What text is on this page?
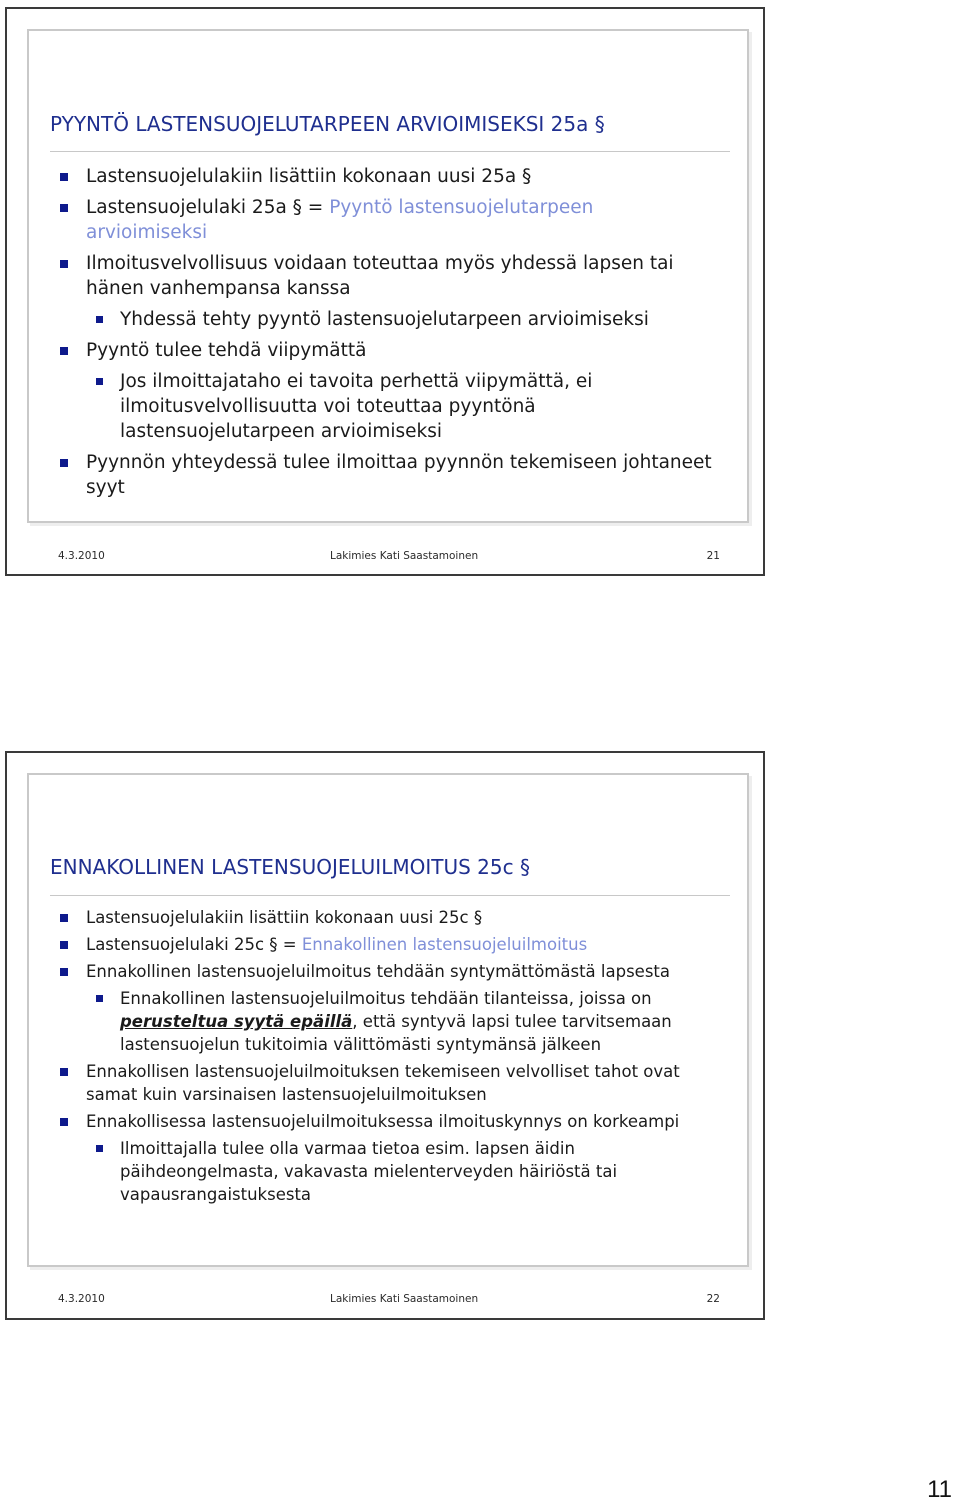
PYYNTÖ LASTENSUOJELUTARPEEN ARVIOIMISEKSI 25a §
Lastensuojelulakiin lisättiin kokonaan uusi 25a §
Lastensuojelulaki 25a § = Pyyntö lastensuojelutarpeen arvioimiseksi
Ilmoitusvelvollisuus voidaan toteuttaa myös yhdessä lapsen tai hänen vanhempansa kanssa
Yhdessä tehty pyyntö lastensuojelutarpeen arvioimiseksi
Pyyntö tulee tehdä viipymättä
Jos ilmoittajataho ei tavoita perhettä viipymättä, ei ilmoitusvelvollisuutta voi toteuttaa pyyntönä lastensuojelutarpeen arvioimiseksi
Pyynnön yhteydessä tulee ilmoittaa pyynnön tekemiseen johtaneet syyt
4.3.2010	Lakimies Kati Saastamoinen	21
ENNAKOLLINEN LASTENSUOJELUILMOITUS 25c §
Lastensuojelulakiin lisättiin kokonaan uusi 25c §
Lastensuojelulaki 25c § = Ennakollinen lastensuojeluilmoitus
Ennakollinen lastensuojeluilmoitus tehdään syntymättömästä lapsesta
Ennakollinen lastensuojeluilmoitus tehdään tilanteissa, joissa on perusteltua syytä epäillä, että syntyvä lapsi tulee tarvitsemaan lastensuojelun tukitoimia välittömästi syntymänsä jälkeen
Ennakollisen lastensuojeluilmoituksen tekemiseen velvolliset tahot ovat samat kuin varsinaisen lastensuojeluilmoituksen
Ennakollisessa lastensuojeluilmoituksessa ilmoituskynnys on korkeampi
Ilmoittajalla tulee olla varmaa tietoa esim. lapsen äidin päihdeongelmasta, vakavasta mielenterveyden häiriöstä tai vapausrangaistuksesta
4.3.2010	Lakimies Kati Saastamoinen	22
11
